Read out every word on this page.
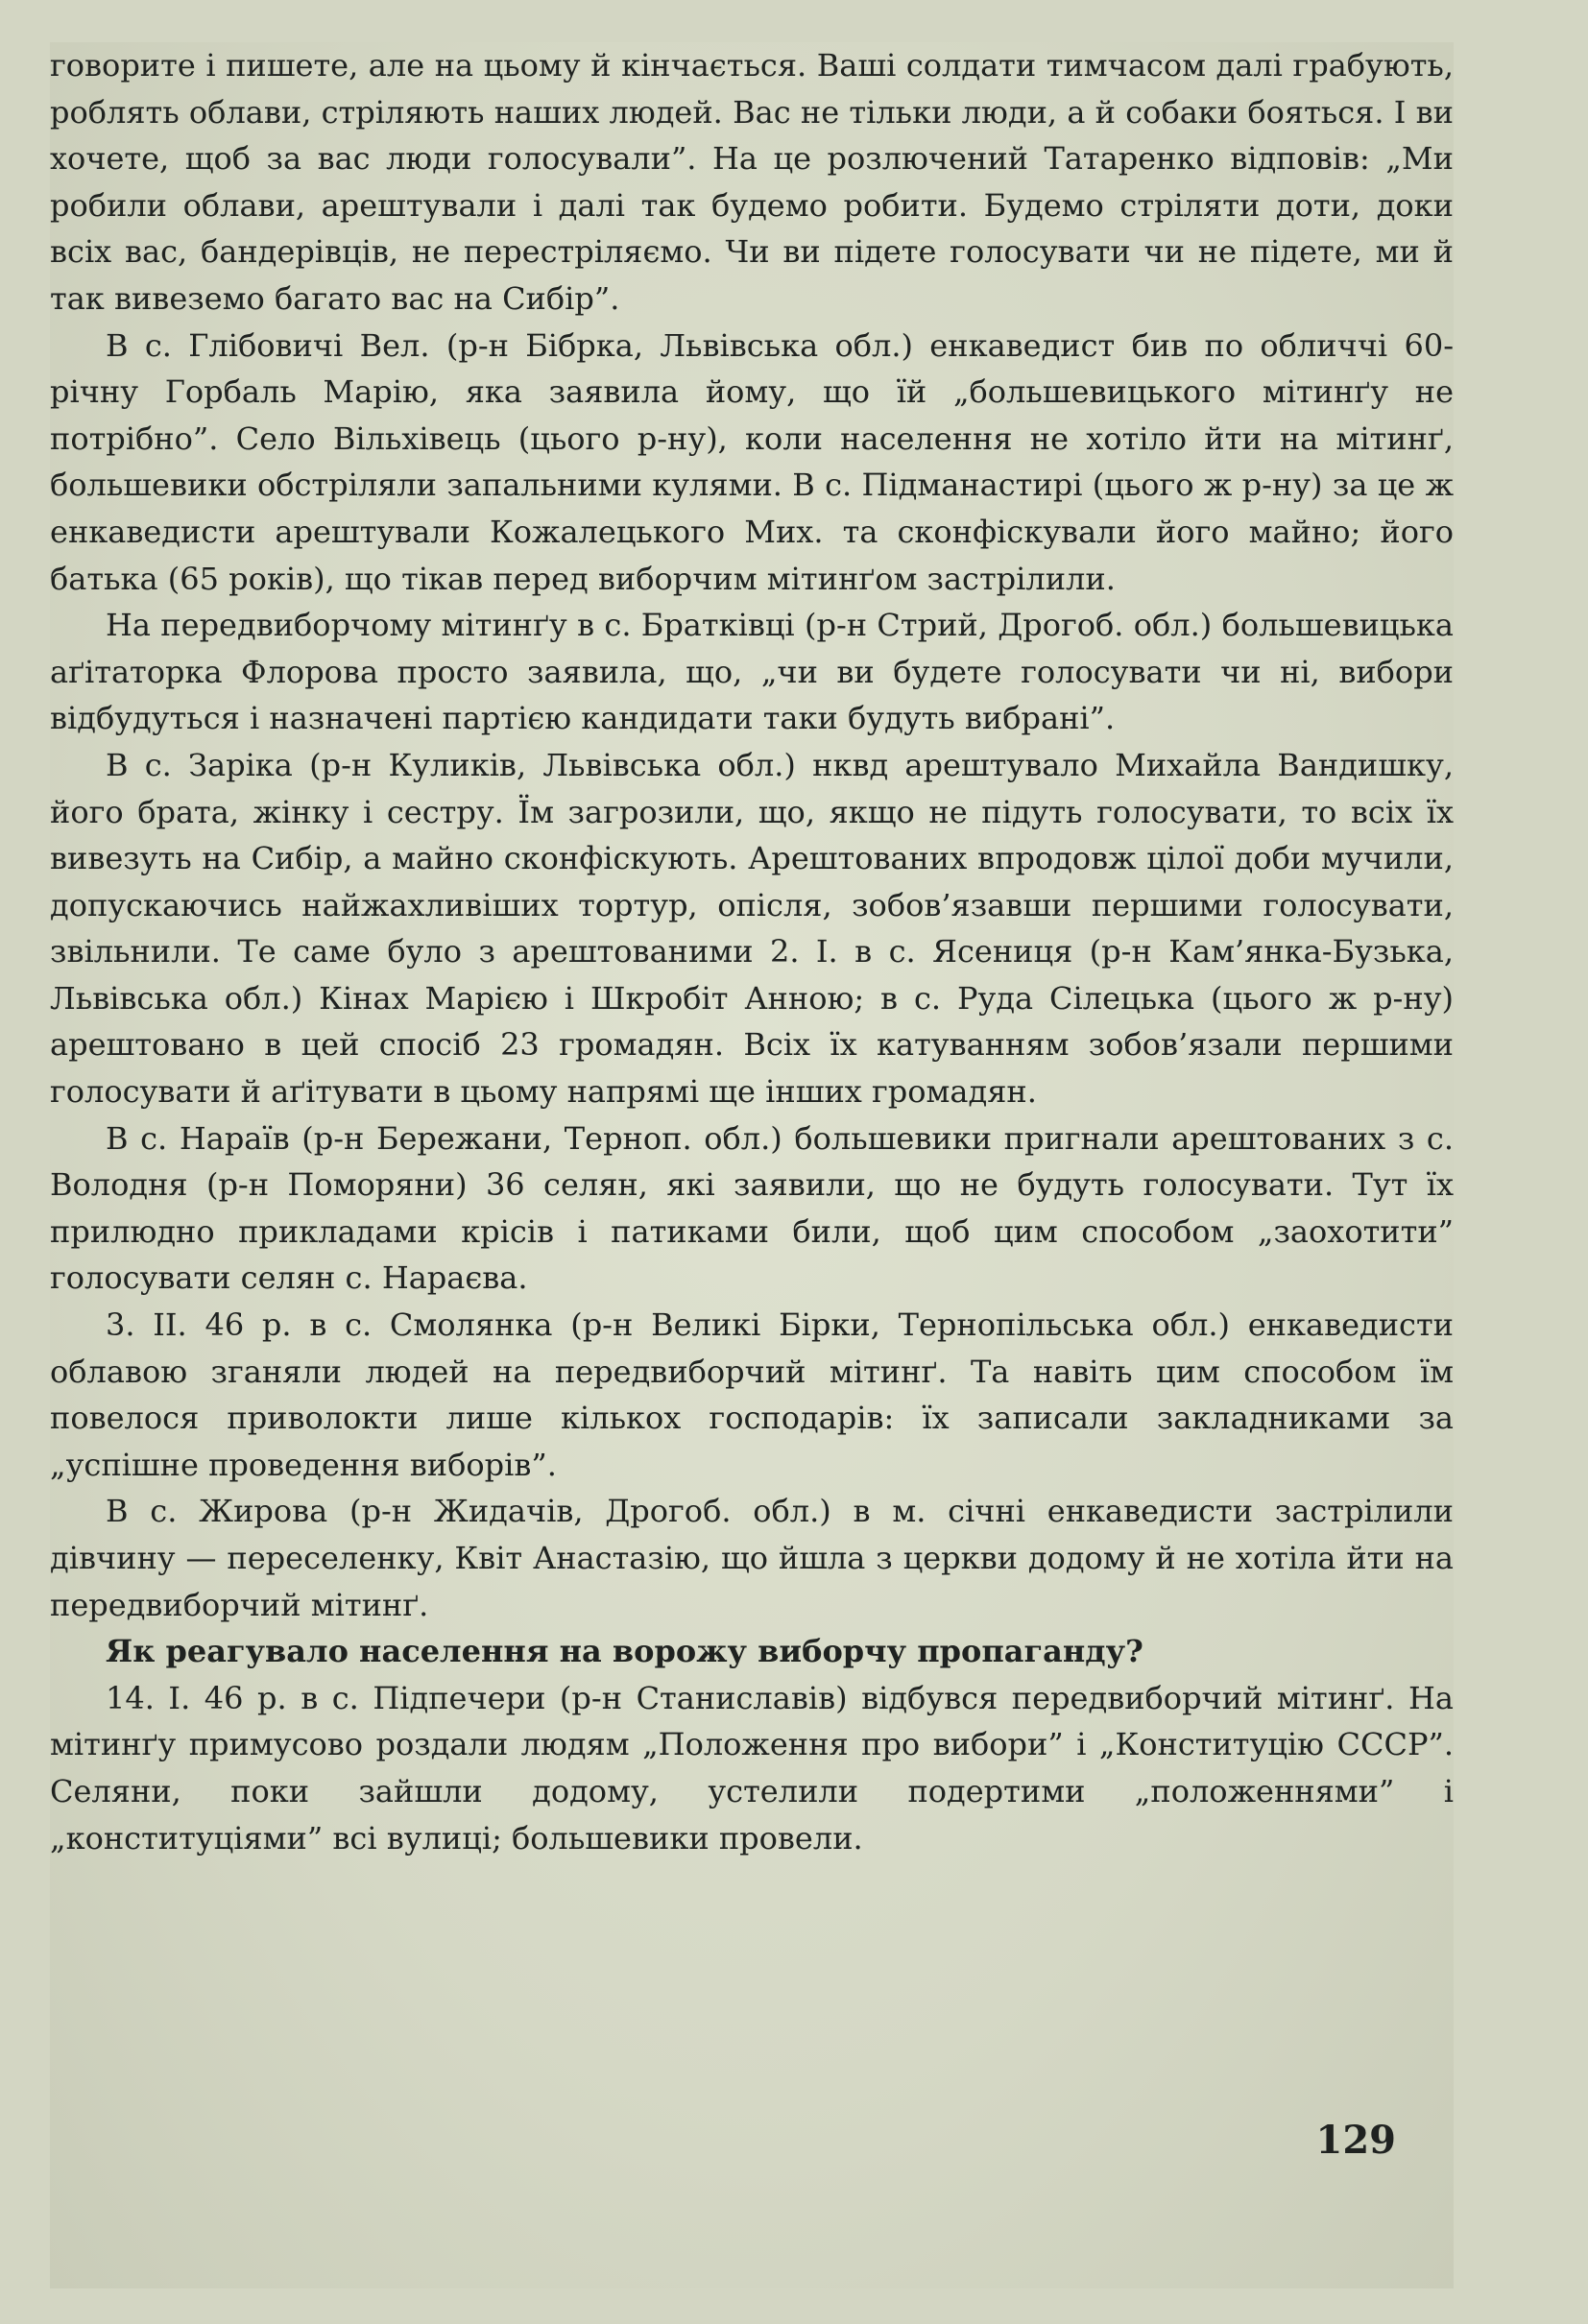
говорите і пишете, але на цьому й кінчається. Ваші солдати тимчасом далі грабують, роблять облави, стріляють наших людей. Вас не тільки люди, а й собаки бояться. І ви хочете, щоб за вас люди голосували”. На це розлючений Татаренко відповів: „Ми робили облави, арештували і далі так будемо робити. Будемо стріляти доти, доки всіх вас, бандерівців, не перестріляємо. Чи ви підете голосувати чи не підете, ми й так вивеземо багато вас на Сибір”.

В с. Глібовичі Вел. (р-н Бібрка, Львівська обл.) енкаведист бив по обличчі 60-річну Горбаль Марію, яка заявила йому, що їй „большевицького мітинґу не потрібно”. Село Вільхівець (цього р-ну), коли населення не хотіло йти на мітинґ, большевики обстріляли запальними кулями. В с. Підманастирі (цього ж р-ну) за це ж енкаведисти арештували Кожалецького Мих. та сконфіскували його майно; його батька (65 років), що тікав перед виборчим мітинґом застрілили.

На передвиборчому мітинґу в с. Братківці (р-н Стрий, Дрогоб. обл.) большевицька аґітаторка Флорова просто заявила, що, „чи ви будете голосувати чи ні, вибори відбудуться і назначені партією кандидати таки будуть вибрані”.

В с. Заріка (р-н Куликів, Львівська обл.) нквд арештувало Михайла Вандишку, його брата, жінку і сестру. Їм загрозили, що, якщо не підуть голосувати, то всіх їх вивезуть на Сибір, а майно сконфіскують. Арештованих впродовж цілої доби мучили, допускаючись найжахливіших тортур, опісля, зобов’язавши першими голосувати, звільнили. Те саме було з арештованими 2. І. в с. Ясениця (р-н Кам’янка-Бузька, Львівська обл.) Кінах Марією і Шкробіт Анною; в с. Руда Сілецька (цього ж р-ну) арештовано в цей спосіб 23 громадян. Всіх їх катуванням зобов’язали першими голосувати й аґітувати в цьому напрямі ще інших громадян.

В с. Нараїв (р-н Бережани, Терноп. обл.) большевики пригнали арештованих з с. Володня (р-н Поморяни) 36 селян, які заявили, що не будуть голосувати. Тут їх прилюдно прикладами крісів і патиками били, щоб цим способом „заохотити” голосувати селян с. Нараєва.

3. ІІ. 46 р. в с. Смолянка (р-н Великі Бірки, Тернопільська обл.) енкаведисти облавою зганяли людей на передвиборчий мітинґ. Та навіть цим способом їм повелося приволокти лише кількох господарів: їх записали закладниками за „успішне проведення виборів”.

В с. Жирова (р-н Жидачів, Дрогоб. обл.) в м. січні енкаведисти застрілили дівчину — переселенку, Квіт Анастазію, що йшла з церкви додому й не хотіла йти на передвиборчий мітинґ.

Як реагувало населення на ворожу виборчу пропаганду?

14. І. 46 р. в с. Підпечери (р-н Станиславів) відбувся передвиборчий мітинґ. На мітинґу примусово роздали людям „Положення про вибори” і „Конституцію СССР”. Селяни, поки зайшли додому, устелили подертими „положеннями” і „конституціями” всі вулиці; большевики провели.

129
